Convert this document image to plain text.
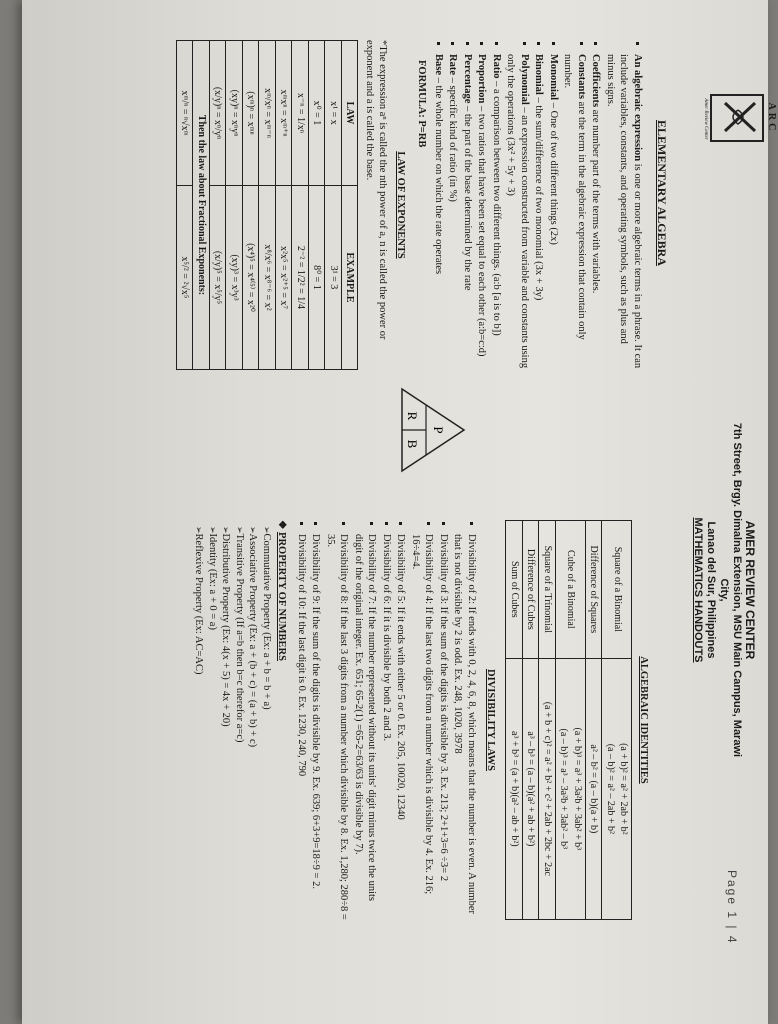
AMER REVIEW CENTER
7th Street, Brgy. Dimalna Extension, MSU Main Campus, Marawi City,
Lanao del Sur, Philippines
MATHEMATICS HANDOUTS
Page 1 | 4
ARC
Amer Review Center
ELEMENTARY ALGEBRA
▪ An algebraic expression is one or more algebraic terms in a phrase. It can include variables, constants, and operating symbols, such as plus and minus signs.
▪ Coefficients are number part of the terms with variables.
▪ Constants are the term in the algebraic expression that contain only number.
▪ Monomial – One of two different things (2x)
▪ Binomial – the sum/difference of two monomial (3x + 3y)
▪ Polynomial – an expression constructed from variable and constants using only the operations (3x² + 5y + 3)
▪ Ratio – a comparison between two different things. (a:b [a is to b])
▪ Proportion – two ratios that have been set equal to each other (a:b=c:d)
▪ Percentage – the part of the base determined by the rate
▪ Rate – specific kind of ratio (in %)
▪ Base – the whole number on which the rate operates
FORMULA: P=RB
LAW OF EXPONENTS
*The expression aⁿ is called the nth power of a, n is called the power or exponent and a is called the base.
LAW	EXAMPLE
x¹ = x	3¹ = 3
x⁰ = 1	8⁰ = 1
x⁻ⁿ = 1/xⁿ	2⁻² = 1/2² = 1/4
xᵐxⁿ = xᵐ⁺ⁿ	x²x⁵ = x²⁺⁵ = x⁷
xᵐ/xⁿ = xᵐ⁻ⁿ	x⁸/x⁶ = x⁸⁻⁶ = x²
(xᵐ)ⁿ = xᵐⁿ	(x⁴)⁵ = x⁴⁽⁵⁾ = x²⁰
(xy)ⁿ = xⁿyⁿ	(xy)³ = x³y³
(x/y)ⁿ = xⁿ/yⁿ	(x/y)⁵ = x⁵/y⁵
Then the law about Fractional Exponents:	
xᵐ/ⁿ = ⁿ√xᵐ	x⁵/² = ²√x⁵
P
R
B
ALGEBRAIC IDENTITIES
Square of a Binomial	(a + b)² = a² + 2ab + b²
(a – b)² = a² – 2ab + b²
Difference of Squares	a² – b² = (a – b)(a + b)
Cube of a Binomial	(a + b)³ = a³ + 3a²b + 3ab² + b³
(a – b)³ = a³ – 3a²b + 3ab² – b³
Square of a Trinomial	(a + b + c)² = a² + b² + c² + 2ab + 2bc + 2ac
Difference of Cubes	a³ – b³ = (a – b)(a² + ab + b²)
Sum of Cubes	a³ + b³ = (a + b)(a² – ab + b²)
DIVISIBILITY LAWS
▪ Divisibility of 2: If ends with 0, 2, 4, 6, 8, which means that the number is even. A number that is not divisible by 2 is odd. Ex. 248, 1020, 3978
▪ Divisibility of 3: If the sum of the digits is divisible by 3. Ex. 213; 2+1+3=6 ÷3= 2
▪ Divisibility of 4: If the last two digits from a number which is divisible by 4. Ex. 216; 16÷4=4.
▪ Divisibility of 5: If it ends with either 5 or 0. Ex. 205, 10020, 12340
▪ Divisibility of 6: If it is divisible by both 2 and 3.
▪ Divisibility of 7: If the number represented without its units' digit minus twice the units digit of the original integer. Ex. 651; 65-2(1) =65-2=63/63 is divisible by 7).
▪ Divisibility of 8: If the last 3 digits from a number which divisible by 8. Ex. 1,280; 280÷8 = 35.
▪ Divisibility of 9: If the sum of the digits is divisible by 9. Ex. 639; 6+3+9=18÷9 = 2.
▪ Divisibility of 10: If the last digit is 0. Ex. 1230, 240, 790
❖ PROPERTY OF NUMBERS
➢ Commutative Property (Ex: a + b = b + a)
➢ Associative Property (Ex: a + (b + c) = (a + b) + c)
➢ Transitive Property (If a=b then b=c therefor a=c)
➢ Distributive Property (Ex: 4(x + 5) = 4x + 20)
➢ Identity (Ex: a + 0 = a)
➢ Reflexive Property (Ex: AC=AC)
